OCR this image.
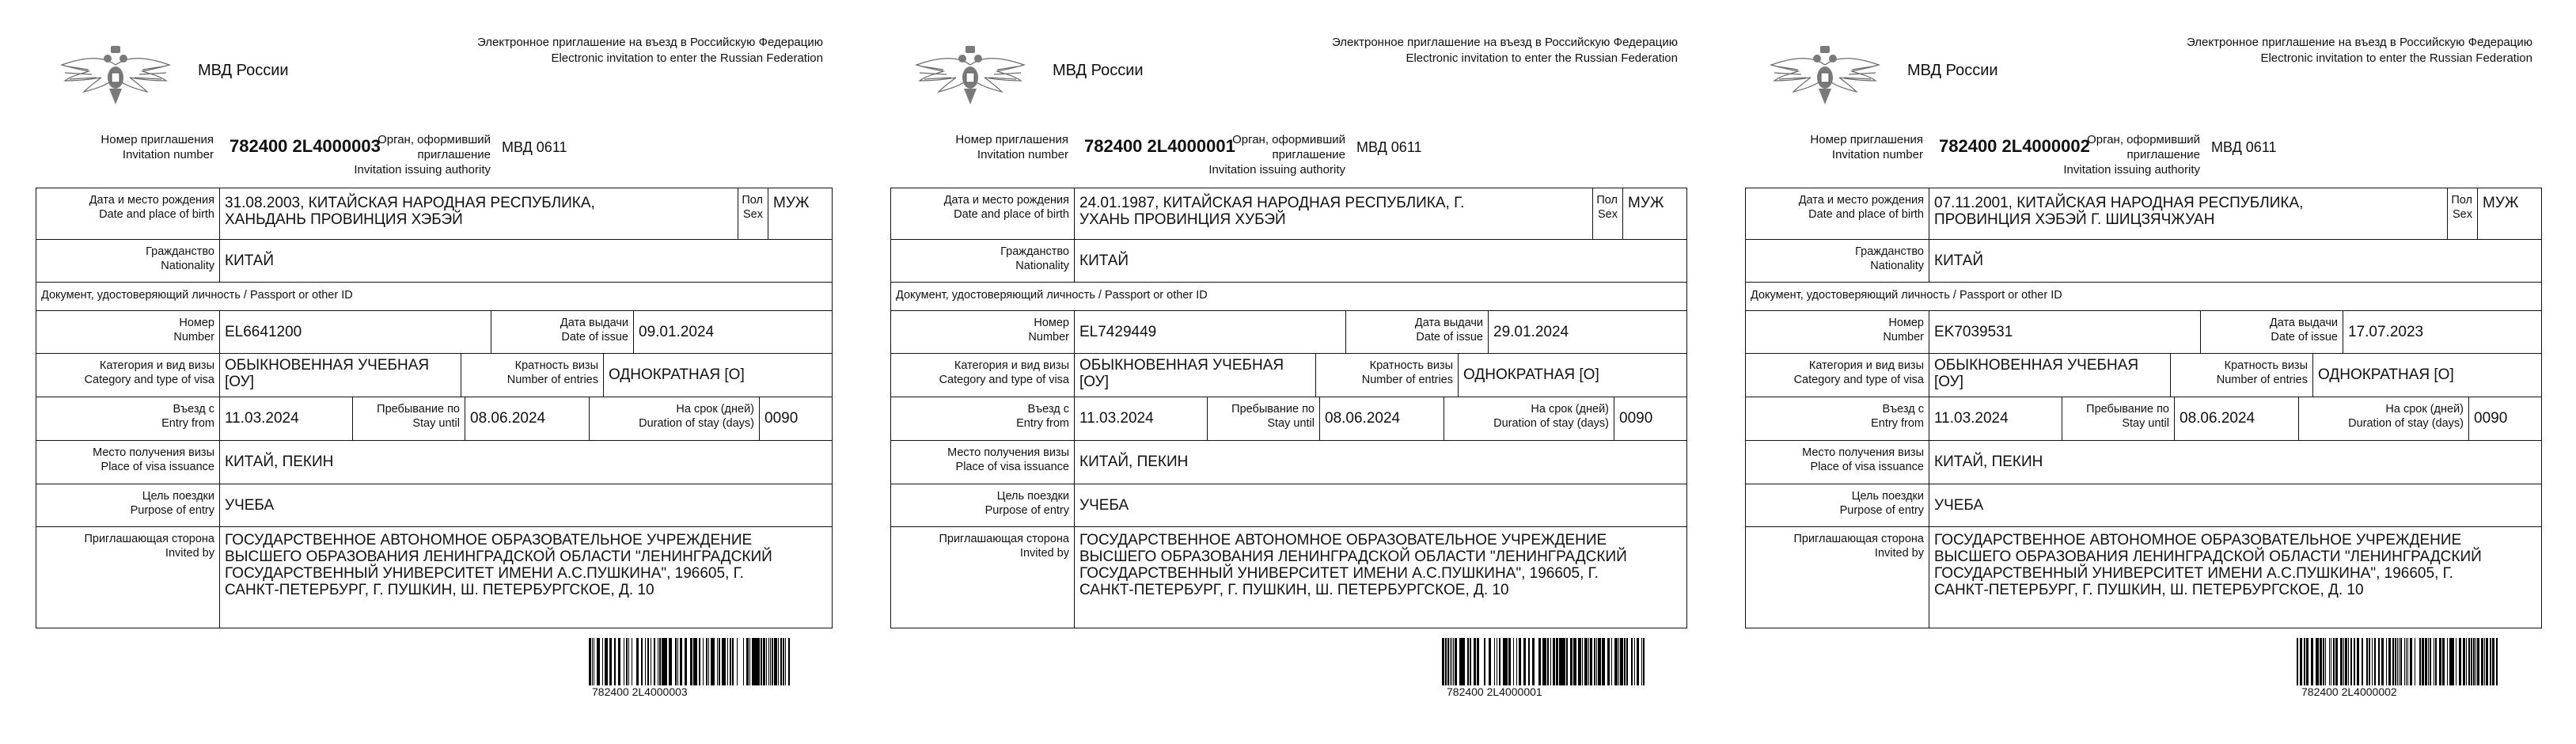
МВД России
Электронное приглашение на въезд в Российскую Федерацию
Electronic invitation to enter the Russian Federation
Номер приглашения
Invitation number 782400 2L4000003
Орган, оформивший приглашение
Invitation issuing authority
МВД 0611
Дата и место рождения
Date and place of birth
31.08.2003, КИТАЙСКАЯ НАРОДНАЯ РЕСПУБЛИКА,
ХАНЬДАНЬ ПРОВИНЦИЯ ХЭБЭЙ
Пол
Sex
МУЖ
Гражданство
Nationality КИТАЙ
Документ, удостоверяющий личность / Passport or other ID
Номер
Number EL6641200
Дата выдачи
Date of issue 09.01.2024
Категория и вид визы
Category and type of visa
ОБЫКНОВЕННАЯ УЧЕБНАЯ
[ОУ]
Кратность визы
Number of entries ОДНОКРАТНАЯ [О]
Въезд с
Entry from 11.03.2024
Пребывание по
Stay until 08.06.2024
На срок (дней)
Duration of stay (days) 0090
Место получения визы
Place of visa issuance КИТАЙ, ПЕКИН
Цель поездки
Purpose of entry УЧЕБА
Приглашающая сторона
Invited by
ГОСУДАРСТВЕННОЕ АВТОНОМНОЕ ОБРАЗОВАТЕЛЬНОЕ УЧРЕЖДЕНИЕ
ВЫСШЕГО ОБРАЗОВАНИЯ ЛЕНИНГРАДСКОЙ ОБЛАСТИ "ЛЕНИНГРАДСКИЙ
ГОСУДАРСТВЕННЫЙ УНИВЕРСИТЕТ ИМЕНИ А.С.ПУШКИНА", 196605, Г.
САНКТ-ПЕТЕРБУРГ, Г. ПУШКИН, Ш. ПЕТЕРБУРГСКОЕ, Д. 10
782400 2L4000003
МВД России
Электронное приглашение на въезд в Российскую Федерацию
Electronic invitation to enter the Russian Federation
Номер приглашения
Invitation number 782400 2L4000001
Орган, оформивший приглашение
Invitation issuing authority
МВД 0611
Дата и место рождения
Date and place of birth
24.01.1987, КИТАЙСКАЯ НАРОДНАЯ РЕСПУБЛИКА, Г.
УХАНЬ ПРОВИНЦИЯ ХУБЭЙ
Пол
Sex
МУЖ
Гражданство
Nationality КИТАЙ
Документ, удостоверяющий личность / Passport or other ID
Номер
Number EL7429449
Дата выдачи
Date of issue 29.01.2024
Категория и вид визы
Category and type of visa
ОБЫКНОВЕННАЯ УЧЕБНАЯ
[ОУ]
Кратность визы
Number of entries ОДНОКРАТНАЯ [О]
Въезд с
Entry from 11.03.2024
Пребывание по
Stay until 08.06.2024
На срок (дней)
Duration of stay (days) 0090
Место получения визы
Place of visa issuance КИТАЙ, ПЕКИН
Цель поездки
Purpose of entry УЧЕБА
Приглашающая сторона
Invited by
ГОСУДАРСТВЕННОЕ АВТОНОМНОЕ ОБРАЗОВАТЕЛЬНОЕ УЧРЕЖДЕНИЕ
ВЫСШЕГО ОБРАЗОВАНИЯ ЛЕНИНГРАДСКОЙ ОБЛАСТИ "ЛЕНИНГРАДСКИЙ
ГОСУДАРСТВЕННЫЙ УНИВЕРСИТЕТ ИМЕНИ А.С.ПУШКИНА", 196605, Г.
САНКТ-ПЕТЕРБУРГ, Г. ПУШКИН, Ш. ПЕТЕРБУРГСКОЕ, Д. 10
782400 2L4000001
МВД России
Электронное приглашение на въезд в Российскую Федерацию
Electronic invitation to enter the Russian Federation
Номер приглашения
Invitation number 782400 2L4000002
Орган, оформивший приглашение
Invitation issuing authority
МВД 0611
Дата и место рождения
Date and place of birth
07.11.2001, КИТАЙСКАЯ НАРОДНАЯ РЕСПУБЛИКА,
ПРОВИНЦИЯ ХЭБЭЙ Г. ШИЦЗЯЧЖУАН
Пол
Sex
МУЖ
Гражданство
Nationality КИТАЙ
Документ, удостоверяющий личность / Passport or other ID
Номер
Number EK7039531
Дата выдачи
Date of issue 17.07.2023
Категория и вид визы
Category and type of visa
ОБЫКНОВЕННАЯ УЧЕБНАЯ
[ОУ]
Кратность визы
Number of entries ОДНОКРАТНАЯ [О]
Въезд с
Entry from 11.03.2024
Пребывание по
Stay until 08.06.2024
На срок (дней)
Duration of stay (days) 0090
Место получения визы
Place of visa issuance КИТАЙ, ПЕКИН
Цель поездки
Purpose of entry УЧЕБА
Приглашающая сторона
Invited by
ГОСУДАРСТВЕННОЕ АВТОНОМНОЕ ОБРАЗОВАТЕЛЬНОЕ УЧРЕЖДЕНИЕ
ВЫСШЕГО ОБРАЗОВАНИЯ ЛЕНИНГРАДСКОЙ ОБЛАСТИ "ЛЕНИНГРАДСКИЙ
ГОСУДАРСТВЕННЫЙ УНИВЕРСИТЕТ ИМЕНИ А.С.ПУШКИНА", 196605, Г.
САНКТ-ПЕТЕРБУРГ, Г. ПУШКИН, Ш. ПЕТЕРБУРГСКОЕ, Д. 10
782400 2L4000002
